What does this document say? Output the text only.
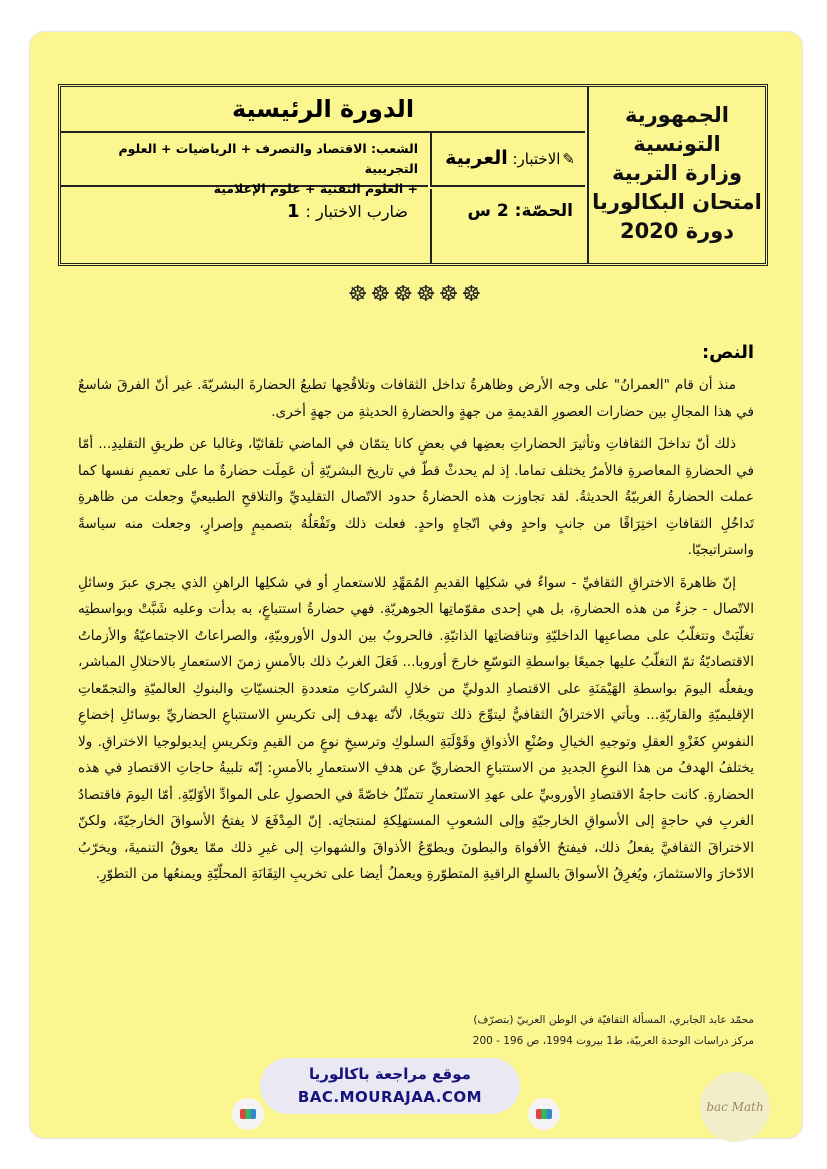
الجمهورية التونسية
وزارة التربية
امتحان البكالوريا
دورة 2020
الدورة الرئيسية
✎الاختبار: العربية
الشعب: الاقتصاد والتصرف + الرياضيات + العلوم التجريبية
+ العلوم التقنية + علوم الإعلامية
الحصّة: 2 س
ضارب الاختبار :1
☸☸☸☸☸☸
النص:

منذ أن قام "العمرانُ" على وجه الأرض وظاهرةُ تداخل الثقافات وتلاقُحِها تطبعُ الحضارةَ البشريّةَ. غير أنّ الفرقَ شاسعٌ في هذا المجالِ بين حضارات العصورِ القديمةِ من جهةٍ والحضارةِ الحديثةِ من جهةٍ أخرى.

ذلك أنّ تداخلَ الثقافاتِ وتأثيرَ الحضاراتِ بعضِها في بعضٍ كانا يتمّان في الماضي تلقائيّا، وغالبا عن طريقِ التقليدِ... أمّا في الحضارةِ المعاصرةِ فالأمرُ يختلف تماما. إذ لم يحدثْ قطّ في تاريخ البشريّةِ أن عَمِلَت حضارةٌ ما على تعميمِ نفسها كما عملت الحضارةُ الغربيّةُ الحديثةُ. لقد تجاوزت هذه الحضارةُ حدود الاتّصال التقليديِّ والتلاقحِ الطبيعيِّ وجعلت من ظاهرةِ تَداخُلِ الثقافاتِ اختِرَاقًا من جانبٍ واحدٍ وفي اتّجاهٍ واحدٍ. فعلت ذلك وتَفْعَلُهُ بتصميمٍ وإصرارٍ، وجعلت منه سياسةً واستراتيجيّا.

إنّ ظاهرةَ الاختراقِ الثقافيِّ - سواءٌ في شكلِها القديمِ المُمَهِّدِ للاستعمارِ أو في شكلِها الراهنِ الذي يجري عبرَ وسائلِ الاتّصال - جزءٌ من هذه الحضارةِ، بل هي إحدى مقوّماتِها الجوهريّةِ. فهي حضارةُ استتباعٍ، به بدأت وعليه شَبَّتْ وبواسطتِه تغلّبَتْ وتتغلّبُ على مصاعبِها الداخليّةِ وتناقضاتِها الذاتيّةِ. فالحروبُ بين الدول الأوروبيّةِ، والصراعاتُ الاجتماعيّةُ والأزماتُ الاقتصاديّةُ تمّ التغلّبُ عليها جميعًا بواسطةِ التوسّعِ خارجَ أوروبا... فَعَلَ الغربُ ذلك بالأمسِ زمنَ الاستعمارِ بالاحتلالِ المباشر، ويفعلُه اليومَ بواسطةِ الهَيْمَنَةِ على الاقتصادِ الدوليِّ من خلالِ الشركاتِ متعددةِ الجنسيّاتِ والبنوكِ العالميّةِ والتجمّعاتِ الإقليميّةِ والقاريّةِ... ويأتي الاختراقُ الثقافيُّ ليتوِّجَ ذلك تتويجًا، لأنّه يهدف إلى تكريسِ الاستتباعِ الحضاريِّ بوسائلِ إخضاعِ النفوسِ كغَزْوِ العقلِ وتوجيهِ الخيالِ وصُنْعِ الأذواقِ وقَوْلَبَةِ السلوكِ وترسيخِ نوعٍ من القيمِ وتكريسِ إيديولوجيا الاختراقِ. ولا يختلفُ الهدفُ من هذا النوعِ الجديدِ من الاستتباعِ الحضاريِّ عن هدفِ الاستعمارِ بالأمسِ: إنّه تلبيةُ حاجاتِ الاقتصادِ في هذه الحضارةِ. كانت حاجةُ الاقتصادِ الأوروبيِّ على عهدِ الاستعمارِ تتمثّلُ خاصّةً في الحصولِ على الموادِّ الأوّليّةِ. أمّا اليومَ فاقتصادُ الغربِ في حاجةٍ إلى الأسواقِ الخارجيّةِ وإلى الشعوبِ المستهلِكةِ لمنتجاتِه. إنّ المِدْفَعَ لا يفتحُ الأسواقَ الخارجيّةَ، ولكنّ الاختراقَ الثقافيَّ يفعلُ ذلك، فيفتحُ الأفواهَ والبطونَ ويطوّعُ الأذواقَ والشهواتِ إلى غيرِ ذلك ممّا يعوقُ التنميةَ، ويخرّبُ الادّخارَ والاستثمارَ، ويُغرِقُ الأسواقَ بالسلعِ الراقيةِ المتطوّرةِ ويعملُ أيضا على تخريبِ التِقَانَةِ المحلّيّةِ ويمنعُها من التطوّرِ.

محمّد عابد الجابري، المسألة الثقافيّة في الوطن العربيّ (بتصرّف)
مركز دراسات الوحدة العربيّة، ط1 بيروت 1994، ص 196 - 200
موقع مراجعة باكالوريا
BAC.MOURAJAA.COM
bac Math
